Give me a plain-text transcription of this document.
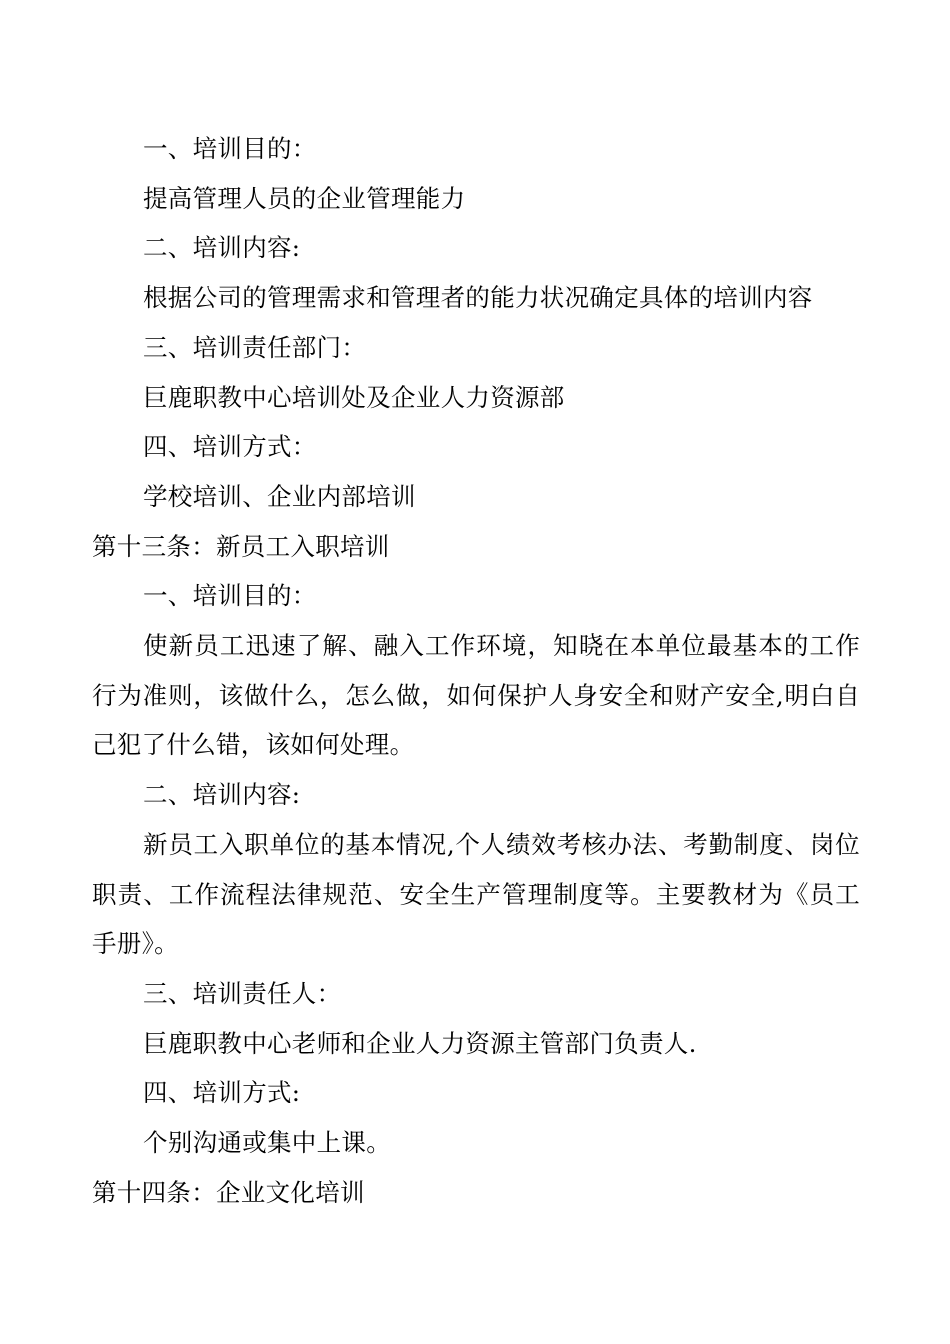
一、培训目的：

提高管理人员的企业管理能力

二、培训内容:

根据公司的管理需求和管理者的能力状况确定具体的培训内容

三、培训责任部门：

巨鹿职教中心培训处及企业人力资源部

四、培训方式：

学校培训、企业内部培训

第十三条：新员工入职培训

一、培训目的：

使新员工迅速了解、融入工作环境，知晓在本单位最基本的工作行为准则，该做什么，怎么做，如何保护人身安全和财产安全,明白自己犯了什么错，该如何处理。

二、培训内容:

新员工入职单位的基本情况,个人绩效考核办法、考勤制度、岗位职责、工作流程法律规范、安全生产管理制度等。主要教材为《员工手册》。

三、培训责任人：

巨鹿职教中心老师和企业人力资源主管部门负责人.

四、培训方式:

个别沟通或集中上课。

第十四条：企业文化培训
